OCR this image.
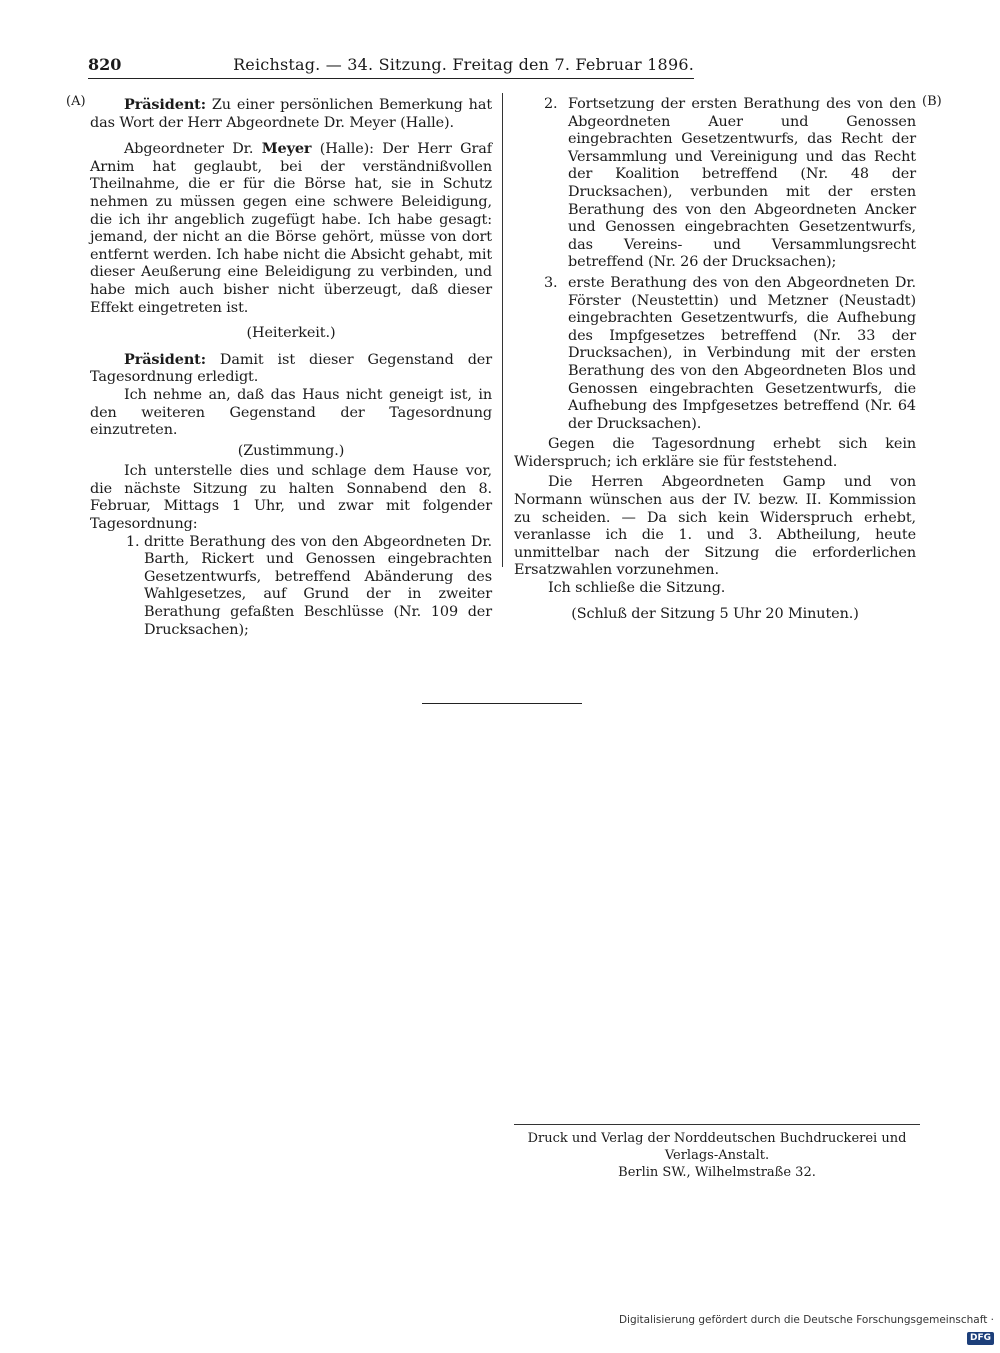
820	Reichstag. — 34. Sitzung. Freitag den 7. Februar 1896.
(A)	(B)

Präsident: Zu einer persönlichen Bemerkung hat das Wort der Herr Abgeordnete Dr. Meyer (Halle).

Abgeordneter Dr. Meyer (Halle): Der Herr Graf Arnim hat geglaubt, bei der verständnißvollen Theilnahme, die er für die Börse hat, sie in Schutz nehmen zu müssen gegen eine schwere Beleidigung, die ich ihr angeblich zugefügt habe. Ich habe gesagt: jemand, der nicht an die Börse gehört, müsse von dort entfernt werden. Ich habe nicht die Absicht gehabt, mit dieser Aeußerung eine Beleidigung zu verbinden, und habe mich auch bisher nicht überzeugt, daß dieser Effekt eingetreten ist.

(Heiterkeit.)

Präsident: Damit ist dieser Gegenstand der Tagesordnung erledigt.

Ich nehme an, daß das Haus nicht geneigt ist, in den weiteren Gegenstand der Tagesordnung einzutreten.

(Zustimmung.)

Ich unterstelle dies und schlage dem Hause vor, die nächste Sitzung zu halten Sonnabend den 8. Februar, Mittags 1 Uhr, und zwar mit folgender Tagesordnung:

1. dritte Berathung des von den Abgeordneten Dr. Barth, Rickert und Genossen eingebrachten Gesetzentwurfs, betreffend Abänderung des Wahlgesetzes, auf Grund der in zweiter Berathung gefaßten Beschlüsse (Nr. 109 der Drucksachen);
2. Fortsetzung der ersten Berathung des von den Abgeordneten Auer und Genossen eingebrachten Gesetzentwurfs, das Recht der Versammlung und Vereinigung und das Recht der Koalition betreffend (Nr. 48 der Drucksachen), verbunden mit der ersten Berathung des von den Abgeordneten Ancker und Genossen eingebrachten Gesetzentwurfs, das Vereins- und Versammlungsrecht betreffend (Nr. 26 der Drucksachen);
3. erste Berathung des von den Abgeordneten Dr. Förster (Neustettin) und Metzner (Neustadt) eingebrachten Gesetzentwurfs, die Aufhebung des Impfgesetzes betreffend (Nr. 33 der Drucksachen), in Verbindung mit der ersten Berathung des von den Abgeordneten Blos und Genossen eingebrachten Gesetzentwurfs, die Aufhebung des Impfgesetzes betreffend (Nr. 64 der Drucksachen).

Gegen die Tagesordnung erhebt sich kein Widerspruch; ich erkläre sie für feststehend.

Die Herren Abgeordneten Gamp und von Normann wünschen aus der IV. bezw. II. Kommission zu scheiden. — Da sich kein Widerspruch erhebt, veranlasse ich die 1. und 3. Abtheilung, heute unmittelbar nach der Sitzung die erforderlichen Ersatzwahlen vorzunehmen.

Ich schließe die Sitzung.

(Schluß der Sitzung 5 Uhr 20 Minuten.)

Druck und Verlag der Norddeutschen Buchdruckerei und Verlags-Anstalt.
Berlin SW., Wilhelmstraße 32.
Digitalisierung gefördert durch die Deutsche Forschungsgemeinschaft ·DFG
